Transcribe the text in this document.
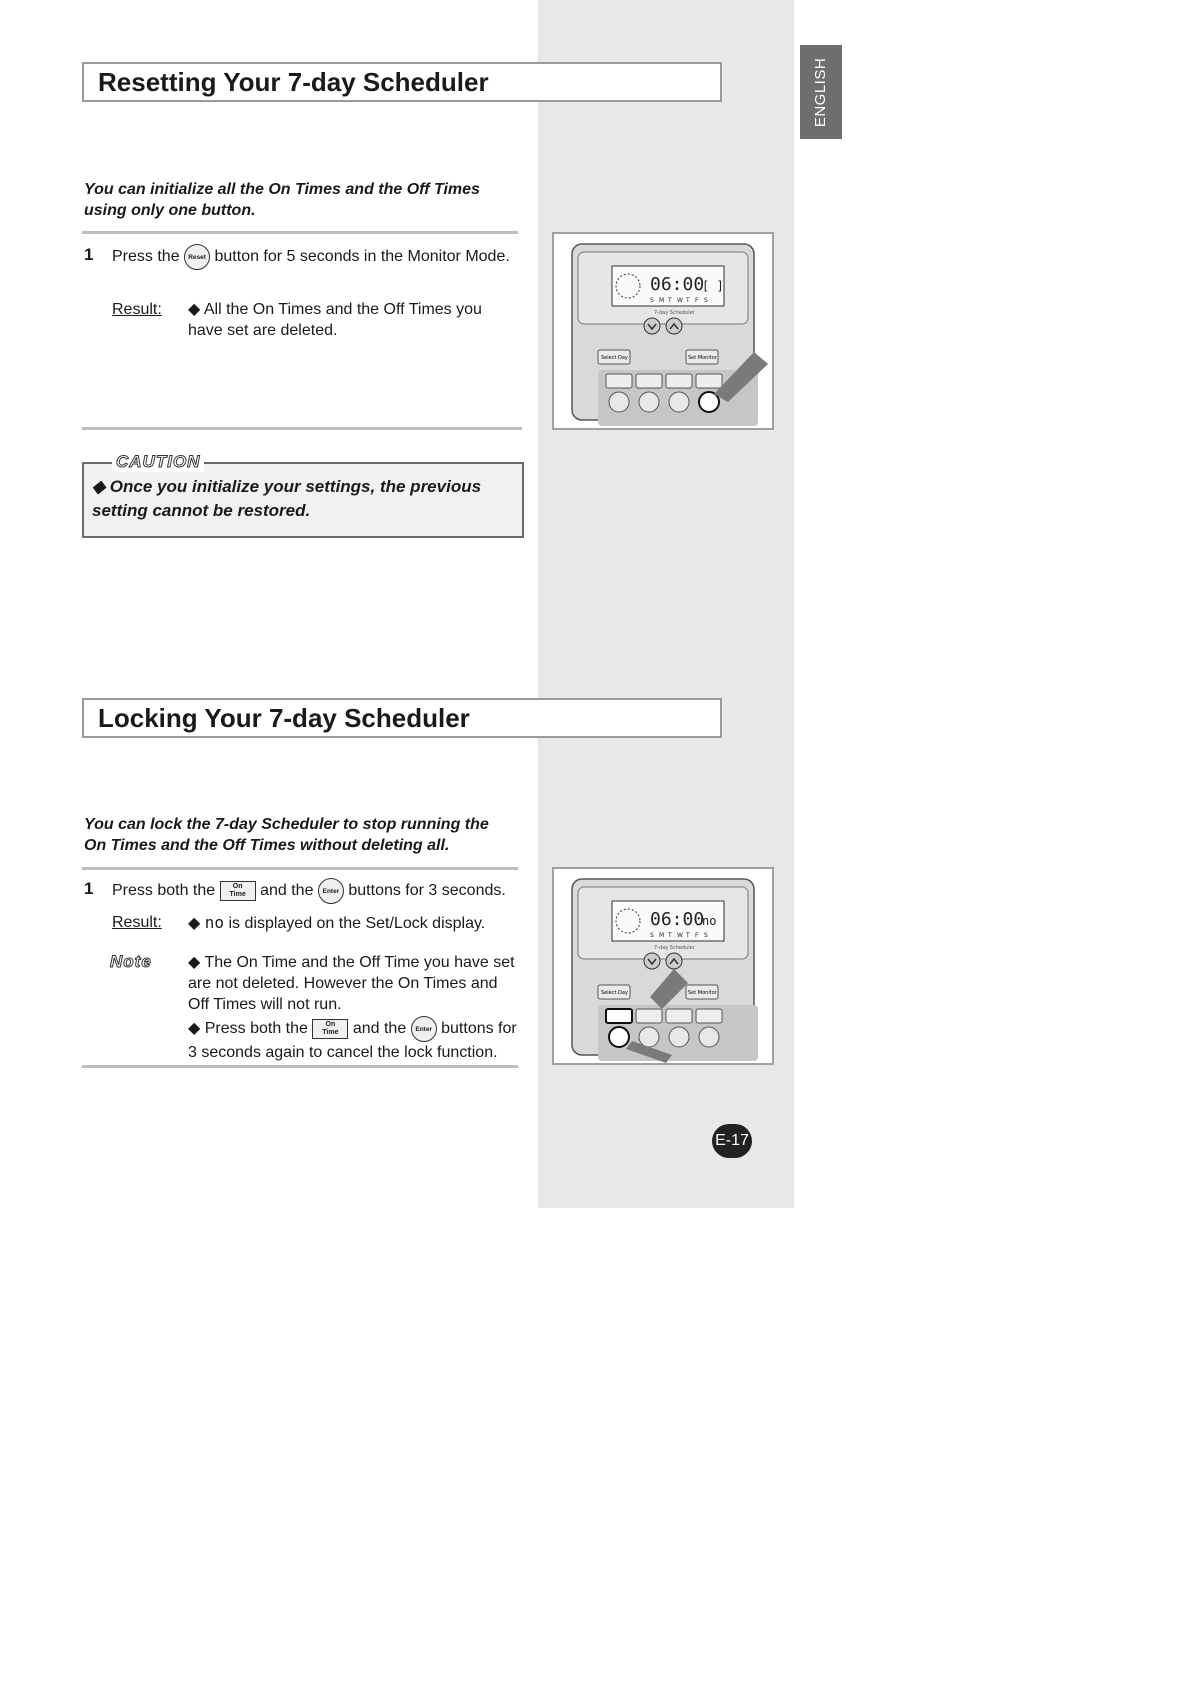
ENGLISH
Resetting Your 7-day Scheduler
You can initialize all the On Times and the Off Times using only one button.
1	Press the Reset button for 5 seconds in the Monitor Mode.
Result: ◆ All the On Times and the Off Times you have set are deleted.
CAUTION
◆ Once you initialize your settings, the previous setting cannot be restored.
06:00
[ ]
S M T W T F S
7-day Scheduler
Select Day	Set Monitor
Locking Your 7-day Scheduler
You can lock the 7-day Scheduler to stop running the On Times and the Off Times without deleting all.
1	Press both the	On
Time and the Enter buttons for 3 seconds.
Result: ◆ no is displayed on the Set/Lock display.
Note ◆ The On Time and the Off Time you have set are not deleted. However the On Times and Off Times will not run.
◆ Press both the	On
Time and the Enter buttons for 3 seconds again to cancel the lock function.
06:00
no
S M T W T F S
7-day Scheduler
Select Day	Set Monitor
E-17
